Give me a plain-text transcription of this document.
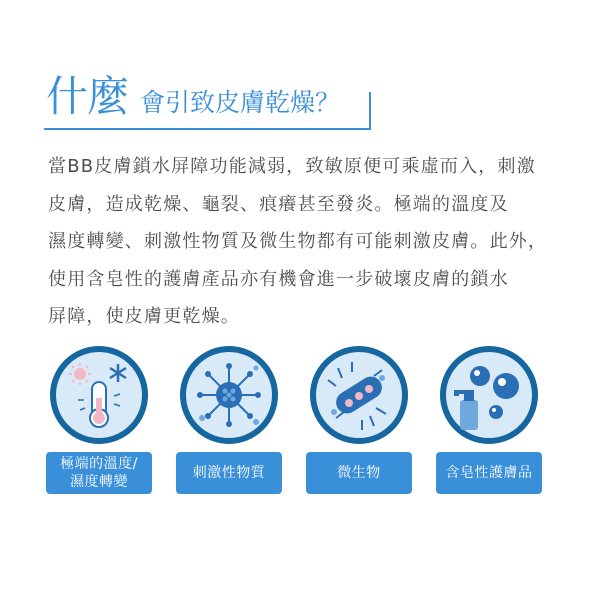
什麼 會引致皮膚乾燥？
當BB皮膚鎖水屏障功能減弱，致敏原便可乘虛而入，刺激
皮膚，造成乾燥、龜裂、痕癢甚至發炎。極端的溫度及
濕度轉變、刺激性物質及微生物都有可能刺激皮膚。此外，
使用含皂性的護膚產品亦有機會進一步破壞皮膚的鎖水
屏障，使皮膚更乾燥。
極端的溫度/
濕度轉變
刺激性物質	微生物	含皂性護膚品
